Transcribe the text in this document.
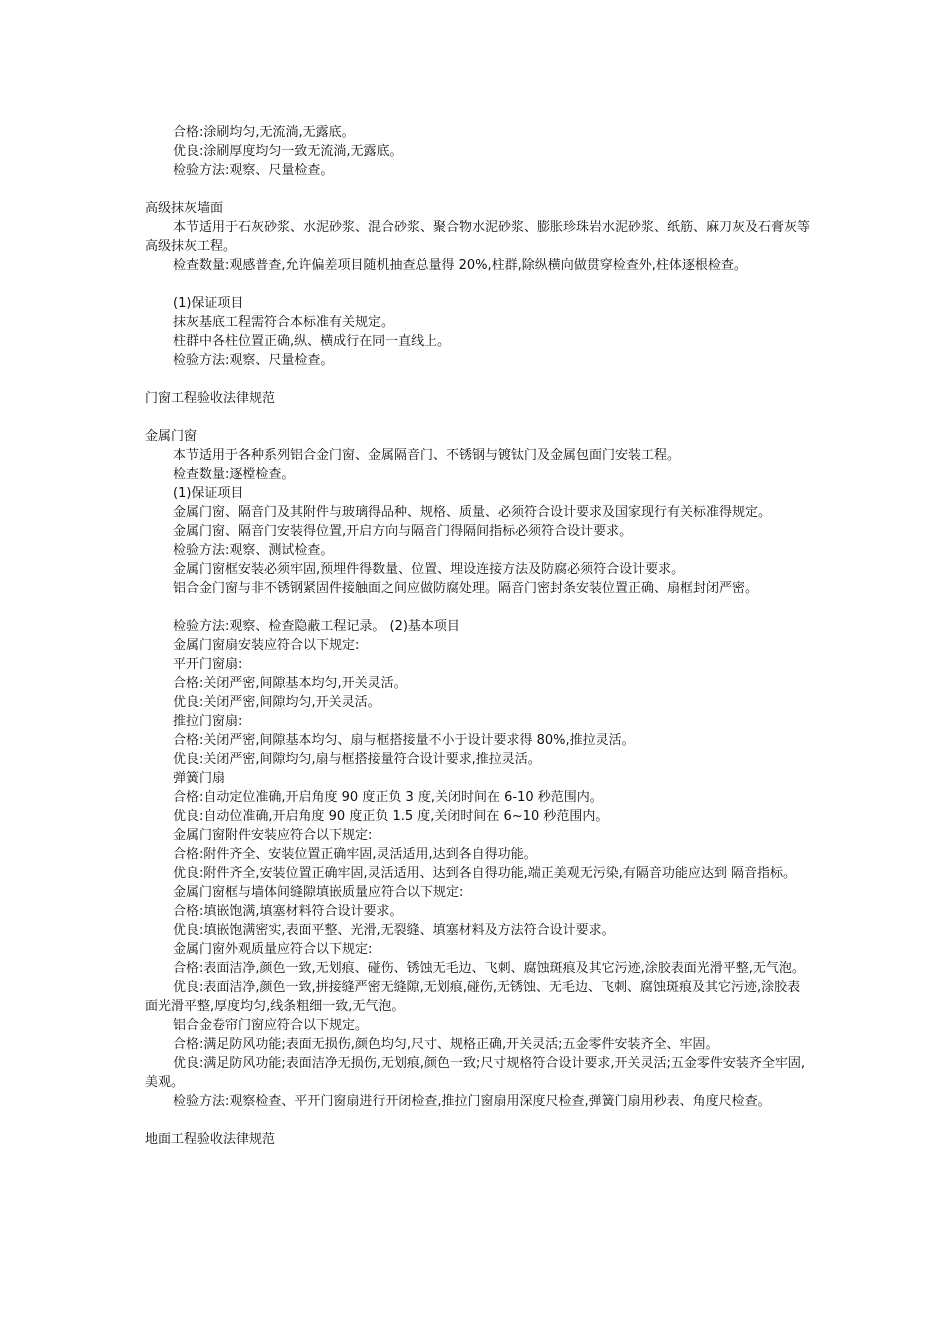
合格:涂刷均匀,无流淌,无露底。

优良:涂刷厚度均匀一致无流淌,无露底。

检验方法:观察、尺量检查。

高级抹灰墙面

本节适用于石灰砂浆、水泥砂浆、混合砂浆、聚合物水泥砂浆、膨胀珍珠岩水泥砂浆、纸筋、麻刀灰及石膏灰等高级抹灰工程。

检查数量:观感普查,允许偏差项目随机抽查总量得 20%,柱群,除纵横向做贯穿检查外,柱体逐根检查。

(1)保证项目

抹灰基底工程需符合本标准有关规定。

柱群中各柱位置正确,纵、横成行在同一直线上。

检验方法:观察、尺量检查。

门窗工程验收法律规范

金属门窗

本节适用于各种系列铝合金门窗、金属隔音门、不锈钢与镀钛门及金属包面门安装工程。

检查数量:逐樘检查。

(1)保证项目

金属门窗、隔音门及其附件与玻璃得品种、规格、质量、必须符合设计要求及国家现行有关标准得规定。

金属门窗、隔音门安装得位置,开启方向与隔音门得隔间指标必须符合设计要求。

检验方法:观察、测试检查。

金属门窗框安装必须牢固,预埋件得数量、位置、埋设连接方法及防腐必须符合设计要求。

铝合金门窗与非不锈钢紧固件接触面之间应做防腐处理。隔音门密封条安装位置正确、扇框封闭严密。

检验方法:观察、检查隐蔽工程记录。 (2)基本项目

金属门窗扇安装应符合以下规定:

平开门窗扇:

合格:关闭严密,间隙基本均匀,开关灵活。

优良:关闭严密,间隙均匀,开关灵活。

推拉门窗扇:

合格:关闭严密,间隙基本均匀、扇与框搭接量不小于设计要求得 80%,推拉灵活。

优良:关闭严密,间隙均匀,扇与框搭接量符合设计要求,推拉灵活。

弹簧门扇

合格:自动定位准确,开启角度 90 度正负 3 度,关闭时间在 6-10 秒范围内。

优良:自动位准确,开启角度 90 度正负 1.5 度,关闭时间在 6~10 秒范围内。

金属门窗附件安装应符合以下规定:

合格:附件齐全、安装位置正确牢固,灵活适用,达到各自得功能。

优良:附件齐全,安装位置正确牢固,灵活适用、达到各自得功能,端正美观无污染,有隔音功能应达到 隔音指标。

金属门窗框与墙体间缝隙填嵌质量应符合以下规定:

合格:填嵌饱满,填塞材料符合设计要求。

优良:填嵌饱满密实,表面平整、光滑,无裂缝、填塞材料及方法符合设计要求。

金属门窗外观质量应符合以下规定:

合格:表面洁净,颜色一致,无划痕、碰伤、锈蚀无毛边、飞刺、腐蚀斑痕及其它污迹,涂胶表面光滑平整,无气泡。

优良:表面洁净,颜色一致,拼接缝严密无缝隙,无划痕,碰伤,无锈蚀、无毛边、飞刺、腐蚀斑痕及其它污迹,涂胶表面光滑平整,厚度均匀,线条粗细一致,无气泡。

铝合金卷帘门窗应符合以下规定。

合格:满足防风功能;表面无损伤,颜色均匀,尺寸、规格正确,开关灵活;五金零件安装齐全、牢固。

优良:满足防风功能;表面洁净无损伤,无划痕,颜色一致;尺寸规格符合设计要求,开关灵活;五金零件安装齐全牢固,美观。

检验方法:观察检查、平开门窗扇进行开闭检查,推拉门窗扇用深度尺检查,弹簧门扇用秒表、角度尺检查。

地面工程验收法律规范
